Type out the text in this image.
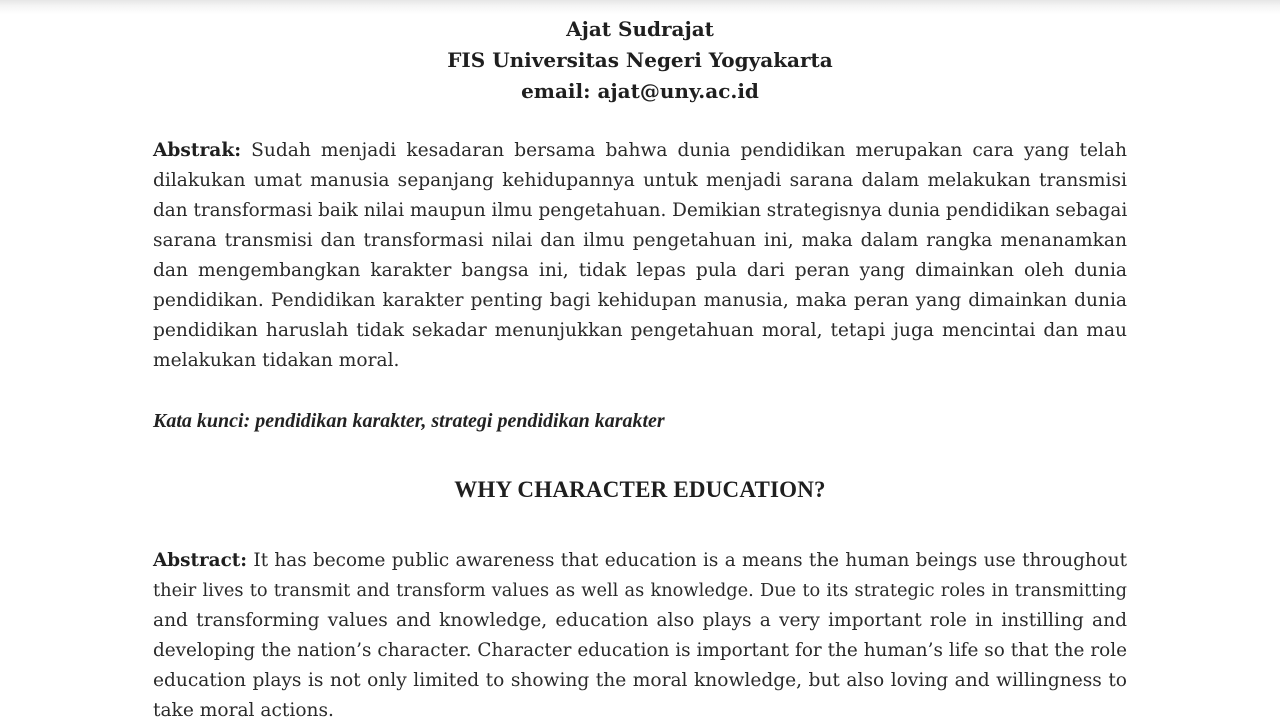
Ajat Sudrajat
FIS Universitas Negeri Yogyakarta
email: ajat@uny.ac.id
Abstrak: Sudah menjadi kesadaran bersama bahwa dunia pendidikan merupakan cara yang telah
dilakukan umat manusia sepanjang kehidupannya untuk menjadi sarana dalam melakukan transmisi
dan transformasi baik nilai maupun ilmu pengetahuan. Demikian strategisnya dunia pendidikan sebagai
sarana transmisi dan transformasi nilai dan ilmu pengetahuan ini, maka dalam rangka menanamkan
dan mengembangkan karakter bangsa ini, tidak lepas pula dari peran yang dimainkan oleh dunia
pendidikan. Pendidikan karakter penting bagi kehidupan manusia, maka peran yang dimainkan dunia
pendidikan haruslah tidak sekadar menunjukkan pengetahuan moral, tetapi juga mencintai dan mau
melakukan tidakan moral.
Kata kunci: pendidikan karakter, strategi pendidikan karakter
WHY CHARACTER EDUCATION?
Abstract: It has become public awareness that education is a means the human beings use throughout
their lives to transmit and transform values as well as knowledge. Due to its strategic roles in transmitting
and transforming values and knowledge, education also plays a very important role in instilling and
developing the nation’s character. Character education is important for the human’s life so that the role
education plays is not only limited to showing the moral knowledge, but also loving and willingness to
take moral actions.
